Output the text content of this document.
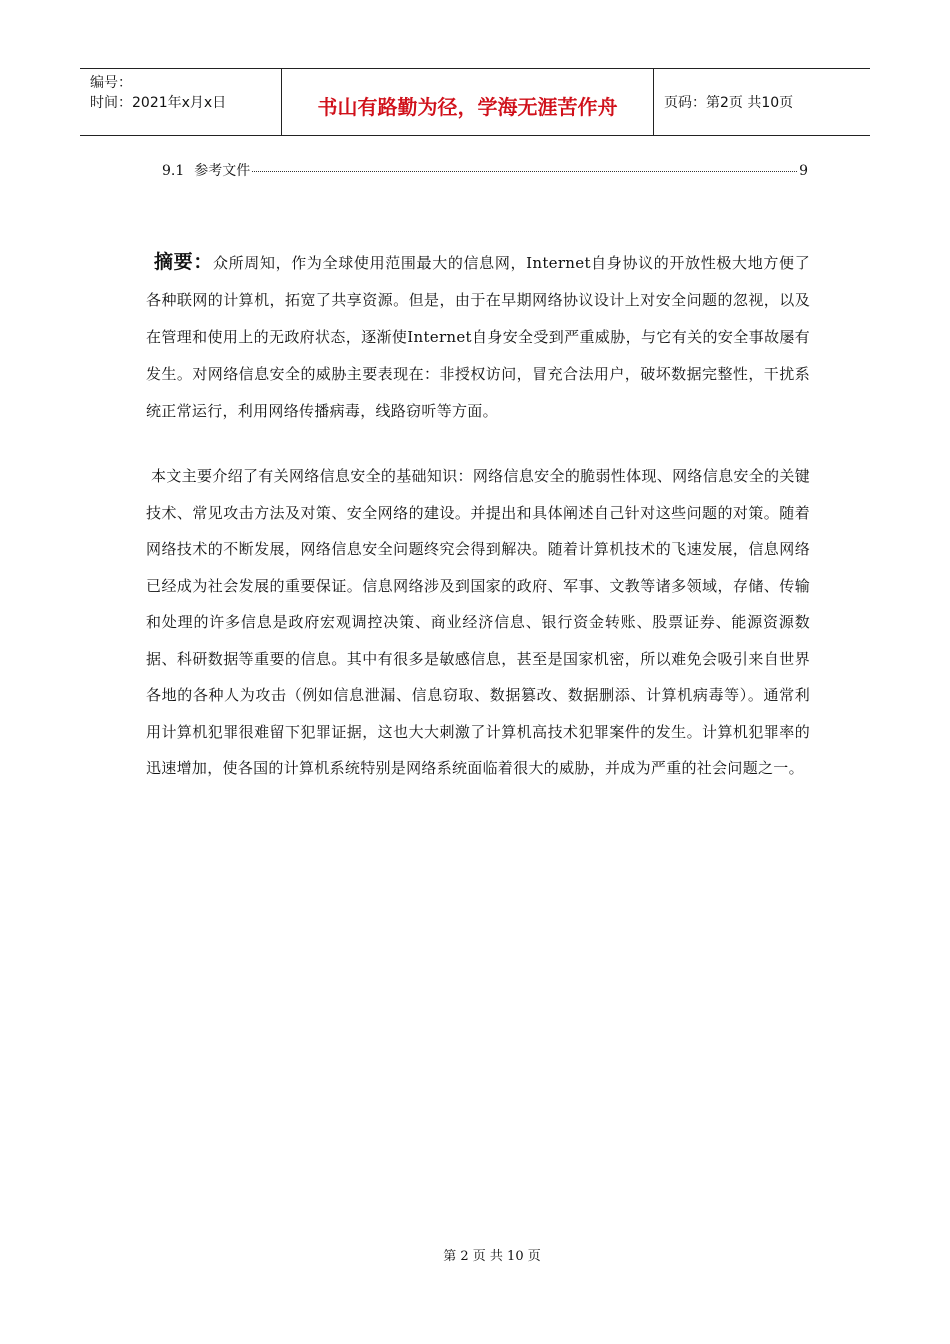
编号：
时间：2021年x月x日	书山有路勤为径，学海无涯苦作舟	页码：第2页 共10页
9.1 参考文件	9
摘要：众所周知，作为全球使用范围最大的信息网，Internet自身协议的开放性极大地方便了各种联网的计算机，拓宽了共享资源。但是，由于在早期网络协议设计上对安全问题的忽视，以及在管理和使用上的无政府状态，逐渐使Internet自身安全受到严重威胁，与它有关的安全事故屡有发生。对网络信息安全的威胁主要表现在：非授权访问，冒充合法用户，破坏数据完整性，干扰系统正常运行，利用网络传播病毒，线路窃听等方面。
本文主要介绍了有关网络信息安全的基础知识：网络信息安全的脆弱性体现、网络信息安全的关键技术、常见攻击方法及对策、安全网络的建设。并提出和具体阐述自己针对这些问题的对策。随着网络技术的不断发展，网络信息安全问题终究会得到解决。随着计算机技术的飞速发展，信息网络已经成为社会发展的重要保证。信息网络涉及到国家的政府、军事、文教等诸多领域，存储、传输和处理的许多信息是政府宏观调控决策、商业经济信息、银行资金转账、股票证券、能源资源数据、科研数据等重要的信息。其中有很多是敏感信息，甚至是国家机密，所以难免会吸引来自世界各地的各种人为攻击（例如信息泄漏、信息窃取、数据篡改、数据删添、计算机病毒等）。通常利用计算机犯罪很难留下犯罪证据，这也大大刺激了计算机高技术犯罪案件的发生。计算机犯罪率的迅速增加，使各国的计算机系统特别是网络系统面临着很大的威胁，并成为严重的社会问题之一。
第 2 页 共 10 页
